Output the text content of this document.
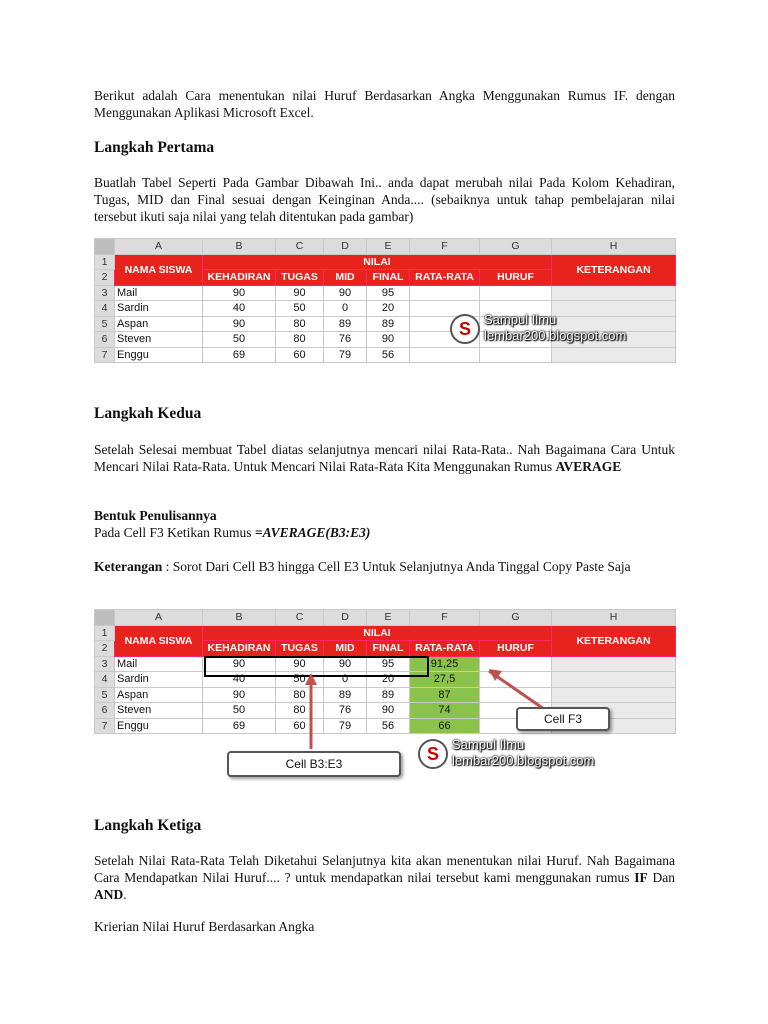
Berikut adalah Cara menentukan nilai Huruf Berdasarkan Angka Menggunakan Rumus IF. dengan Menggunakan Aplikasi Microsoft Excel.
Langkah Pertama
Buatlah Tabel Seperti Pada Gambar Dibawah Ini.. anda dapat merubah nilai Pada Kolom Kehadiran, Tugas, MID dan Final sesuai dengan Keinginan Anda.... (sebaiknya untuk tahap pembelajaran nilai tersebut ikuti saja nilai yang telah ditentukan pada gambar)
	A	B	C	D	E	F	G	H
1	NAMA SISWA	NILAI						KETERANGAN
2		KEHADIRAN	TUGAS	MID	FINAL	RATA-RATA	HURUF	
3	Mail	90	90	90	95			
4	Sardin	40	50	0	20			
5	Aspan	90	80	89	89			
6	Steven	50	80	76	90			
7	Enggu	69	60	79	56			
S	Sampul Ilmu
lembar200.blogspot.com
Langkah Kedua
Setelah Selesai membuat Tabel diatas selanjutnya mencari nilai Rata-Rata.. Nah Bagaimana Cara Untuk Mencari Nilai Rata-Rata. Untuk Mencari Nilai Rata-Rata Kita Menggunakan Rumus AVERAGE
Bentuk Penulisannya
Pada Cell F3 Ketikan Rumus =AVERAGE(B3:E3)
Keterangan : Sorot Dari Cell B3 hingga Cell E3 Untuk Selanjutnya Anda Tinggal Copy Paste Saja
	A	B	C	D	E	F	G	H
1	NAMA SISWA	NILAI						KETERANGAN
2		KEHADIRAN	TUGAS	MID	FINAL	RATA-RATA	HURUF	
3	Mail	90	90	90	95	91,25		
4	Sardin	40	50	0	20	27,5		
5	Aspan	90	80	89	89	87		
6	Steven	50	80	76	90	74		
7	Enggu	69	60	79	56	66			Cell F3
Cell B3:E3	S	Sampul Ilmu
lembar200.blogspot.com
Langkah Ketiga
Setelah Nilai Rata-Rata Telah Diketahui Selanjutnya kita akan menentukan nilai Huruf. Nah Bagaimana Cara Mendapatkan Nilai Huruf.... ? untuk mendapatkan nilai tersebut kami menggunakan rumus IF Dan AND.
Krierian Nilai Huruf Berdasarkan Angka
